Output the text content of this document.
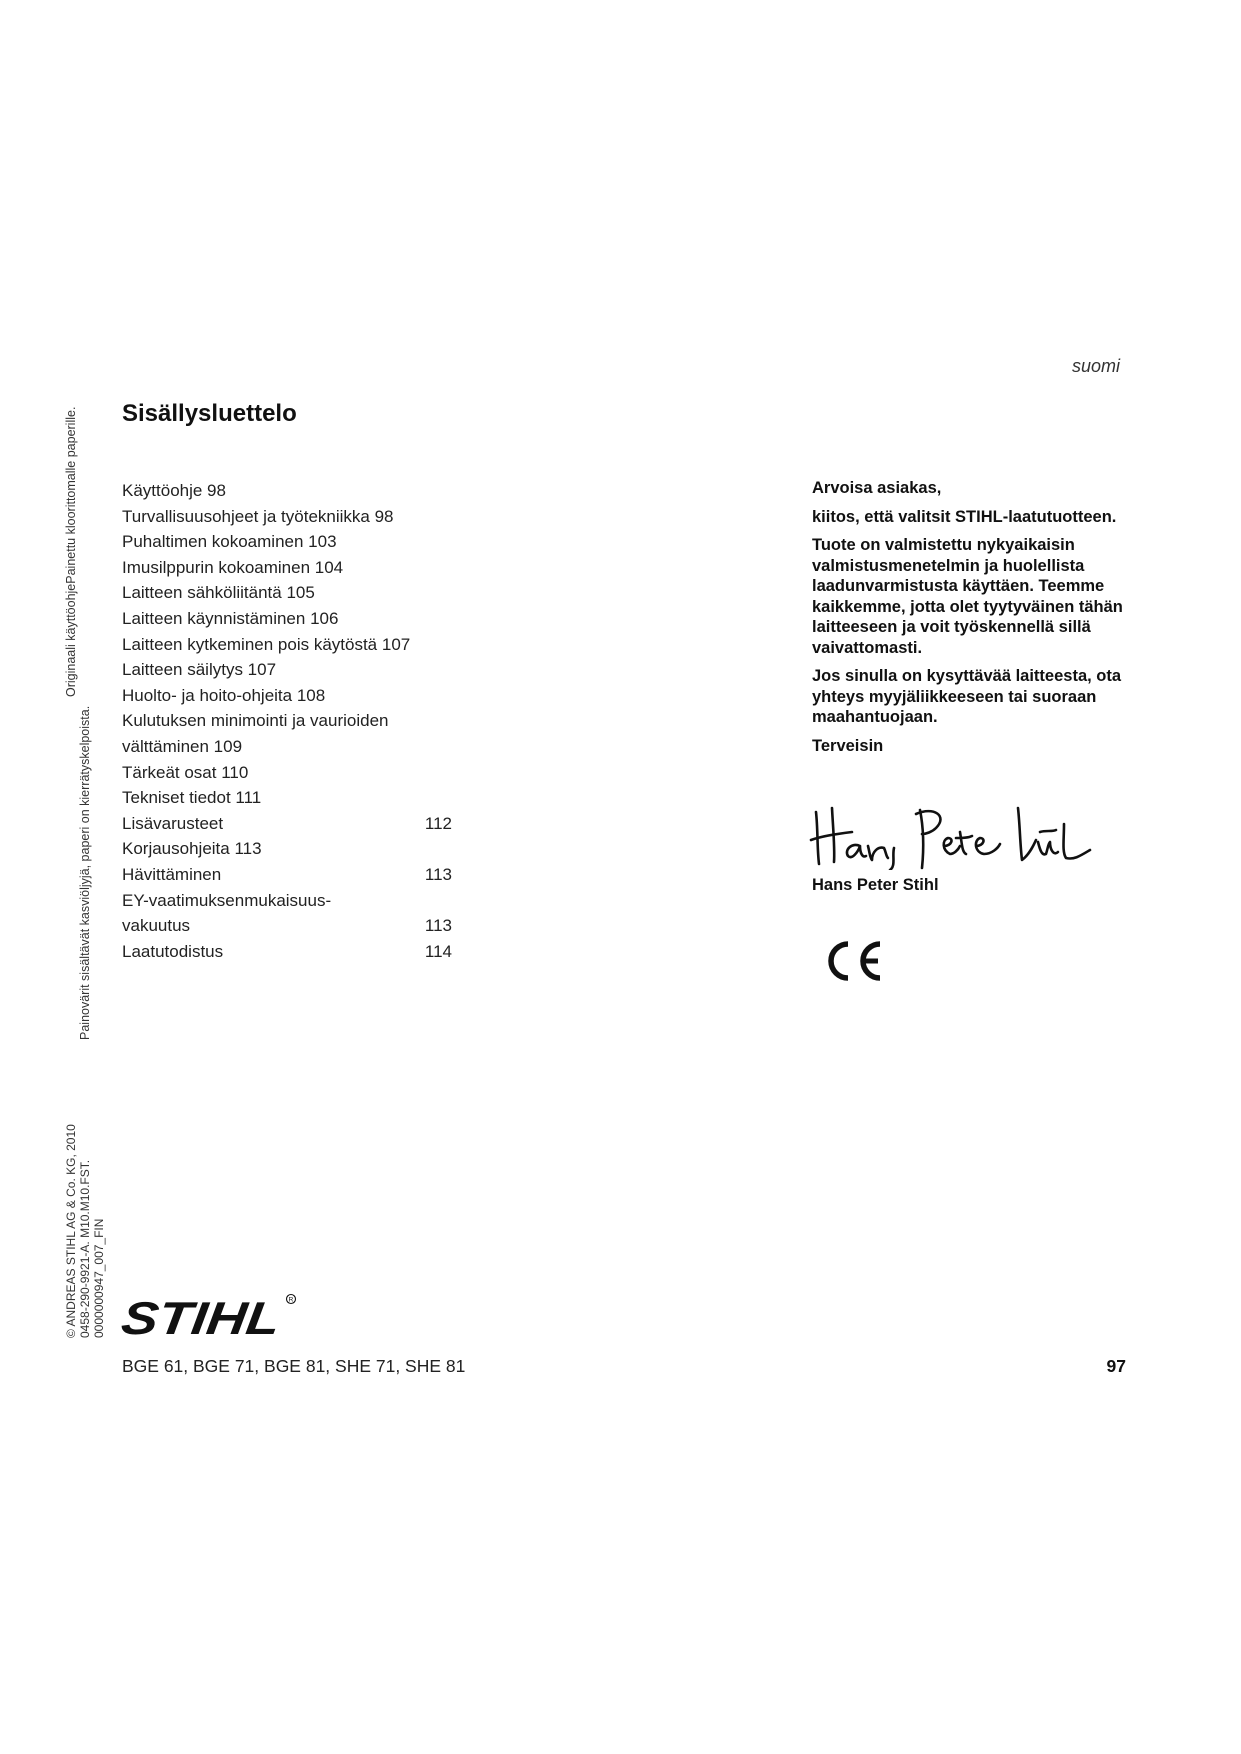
suomi
Sisällysluettelo
Käyttöohje 98
Turvallisuusohjeet ja työtekniikka 98
Puhaltimen kokoaminen 103
Imusilppurin kokoaminen 104
Laitteen sähköliitäntä 105
Laitteen käynnistäminen 106
Laitteen kytkeminen pois käytöstä 107
Laitteen säilytys 107
Huolto- ja hoito-ohjeita 108
Kulutuksen minimointi ja vaurioiden
välttäminen 109
Tärkeät osat 110
Tekniset tiedot 111
Lisävarusteet	112
Korjausohjeita 113
Hävittäminen	113
EY-vaatimuksenmukaisuus-
vakuutus	113
Laatutodistus	114

Arvoisa asiakas,

kiitos, että valitsit STIHL-laatutuotteen.

Tuote on valmistettu nykyaikaisin valmistusmenetelmin ja huolellista laadunvarmistusta käyttäen. Teemme kaikkemme, jotta olet tyytyväinen tähän laitteeseen ja voit työskennellä sillä vaivattomasti.

Jos sinulla on kysyttävää laitteesta, ota yhteys myyjäliikkeeseen tai suoraan maahantuojaan.

Terveisin

Hans Peter Stihl
STIHL	R
BGE 61, BGE 71, BGE 81, SHE 71, SHE 81	97
Originaali käyttöohjePainettu kloorittomalle paperille.
Painovärit sisältävät kasviöljyjä, paperi on kierrätyskelpoista.
© ANDREAS STIHL AG & Co. KG, 2010 0458-290-9921-A. M10.M10.FST. 0000000947_007_FIN
